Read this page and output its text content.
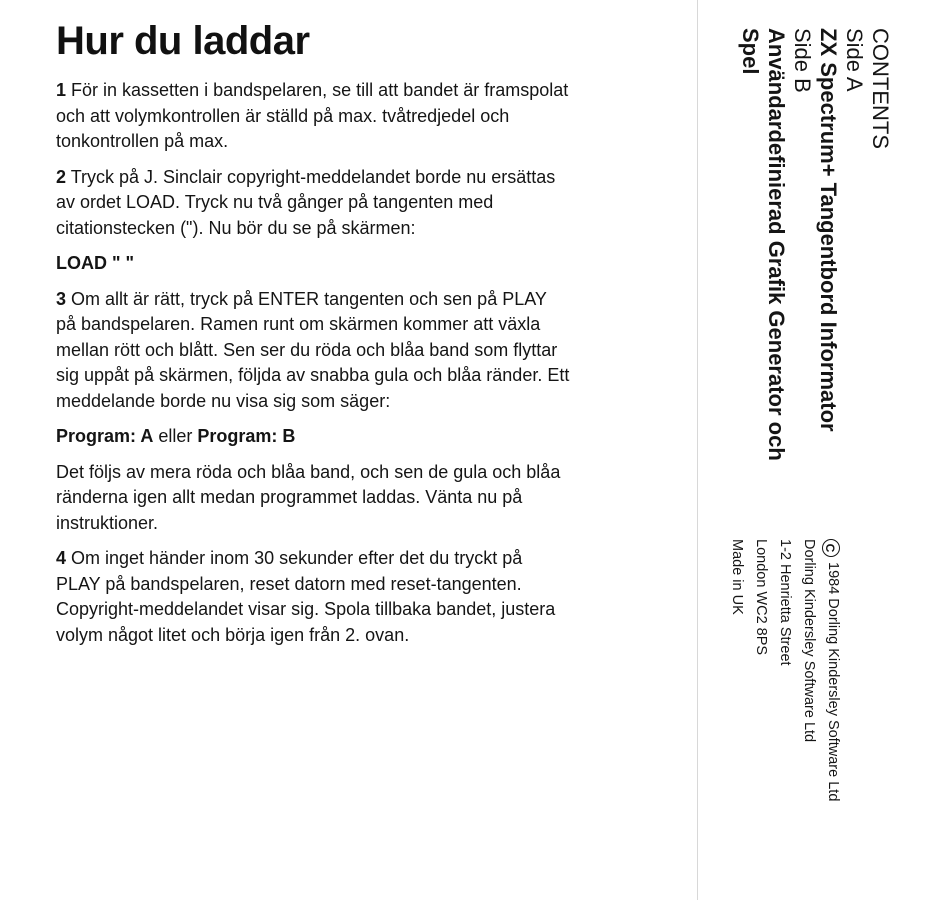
Hur du laddar

1 För in kassetten i bandspelaren, se till att bandet är framspolat och att volymkontrollen är ställd på max. tvåtredjedel och tonkontrollen på max.

2 Tryck på J. Sinclair copyright-meddelandet borde nu ersättas av ordet LOAD. Tryck nu två gånger på tangenten med citationstecken ("). Nu bör du se på skärmen:

LOAD " "

3 Om allt är rätt, tryck på ENTER tangenten och sen på PLAY på bandspelaren. Ramen runt om skärmen kommer att växla mellan rött och blått. Sen ser du röda och blåa band som flyttar sig uppåt på skärmen, följda av snabba gula och blåa ränder. Ett meddelande borde nu visa sig som säger:

Program: A eller Program: B

Det följs av mera röda och blåa band, och sen de gula och blåa ränderna igen allt medan programmet laddas. Vänta nu på instruktioner.

4 Om inget händer inom 30 sekunder efter det du tryckt på PLAY på bandspelaren, reset datorn med reset-tangenten. Copyright-meddelandet visar sig. Spola tillbaka bandet, justera volym något litet och börja igen från 2. ovan.

CONTENTS
Side A
ZX Spectrum+ Tangentbord Informator
Side B
Användardefinierad Grafik Generator och
Spel
C1984 Dorling Kindersley Software Ltd
Dorling Kindersley Software Ltd
1-2 Henrietta Street
London WC2 8PS
Made in UK
